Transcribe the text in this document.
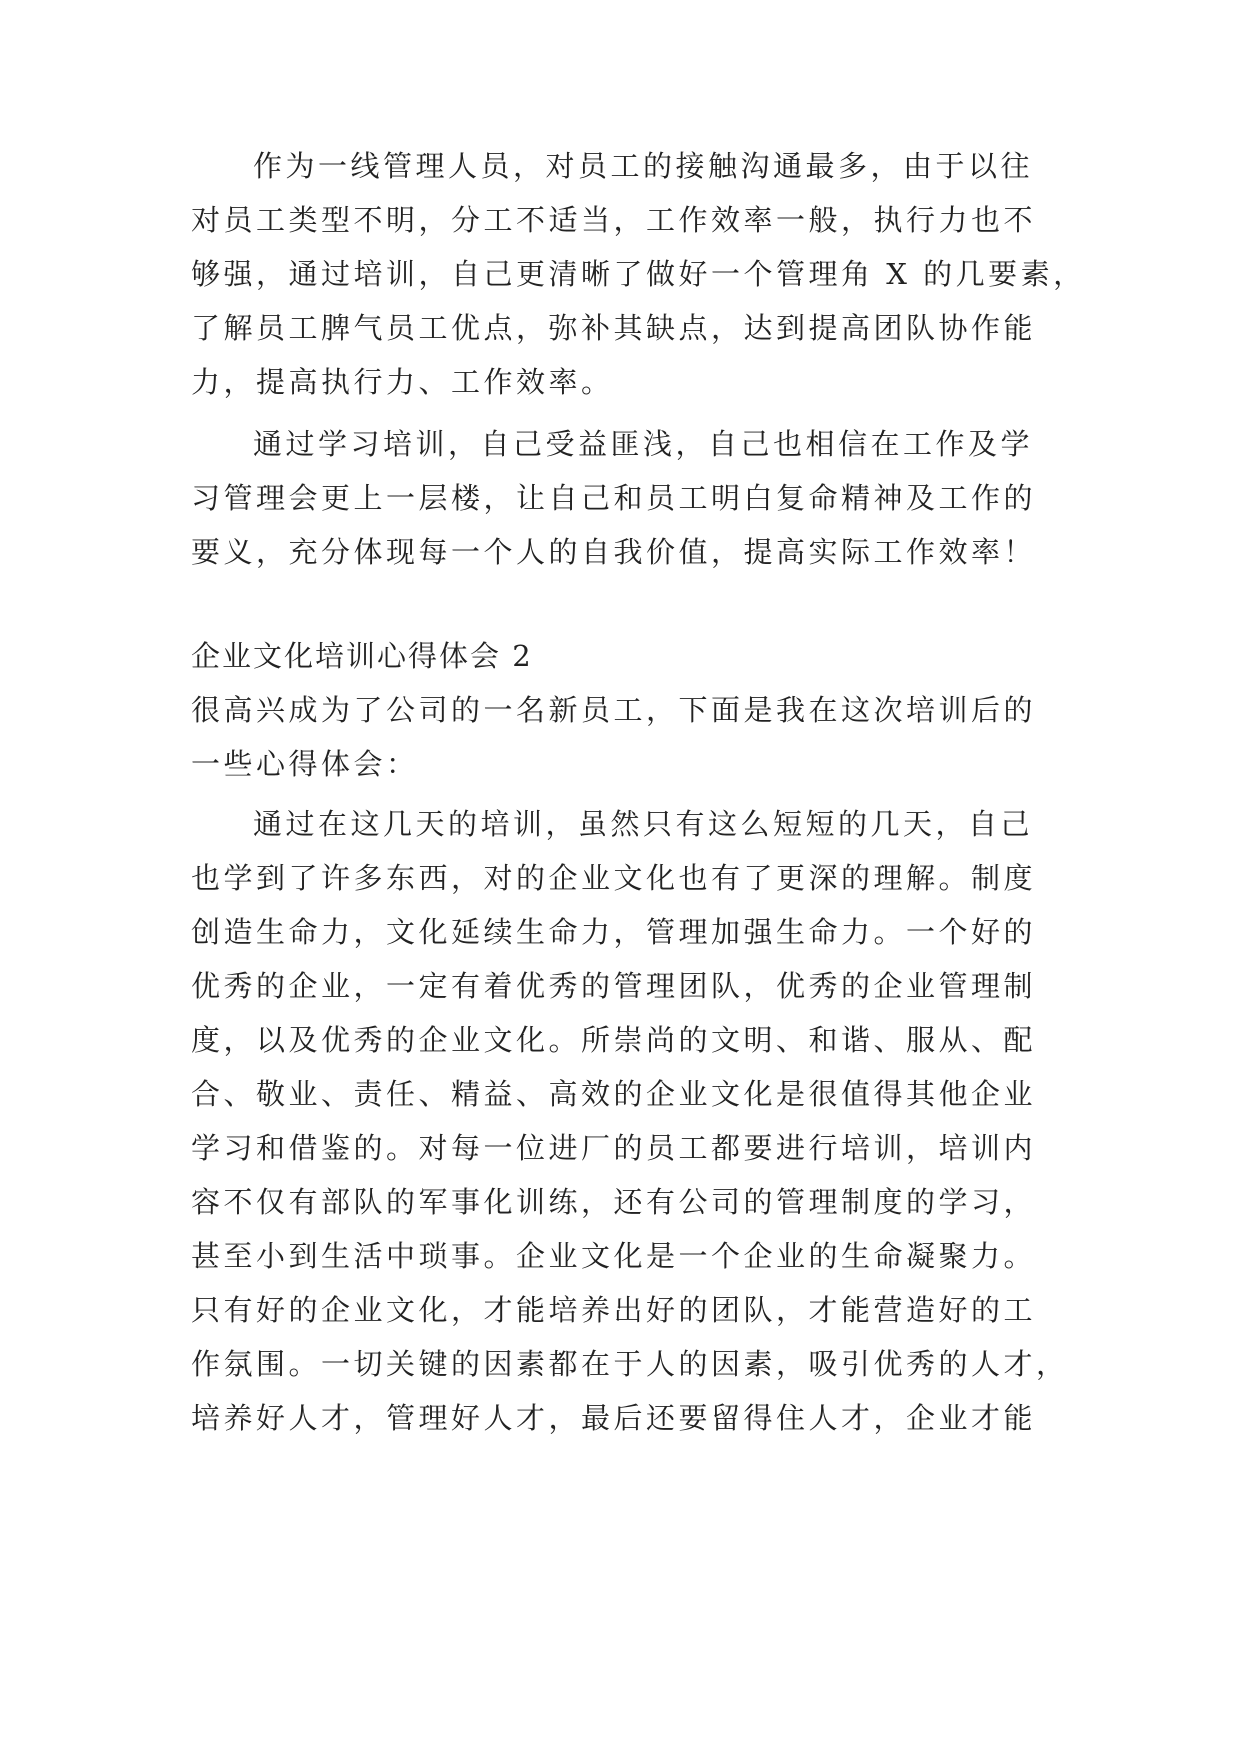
作为一线管理人员，对员工的接触沟通最多，由于以往
对员工类型不明，分工不适当，工作效率一般，执行力也不
够强，通过培训，自己更清晰了做好一个管理角 X 的几要素，
了解员工脾气员工优点，弥补其缺点，达到提高团队协作能
力，提高执行力、工作效率。
通过学习培训，自己受益匪浅，自己也相信在工作及学
习管理会更上一层楼，让自己和员工明白复命精神及工作的
要义，充分体现每一个人的自我价值，提高实际工作效率！
企业文化培训心得体会 2
很高兴成为了公司的一名新员工，下面是我在这次培训后的
一些心得体会：
通过在这几天的培训，虽然只有这么短短的几天，自己
也学到了许多东西，对的企业文化也有了更深的理解。制度
创造生命力，文化延续生命力，管理加强生命力。一个好的
优秀的企业，一定有着优秀的管理团队，优秀的企业管理制
度，以及优秀的企业文化。所崇尚的文明、和谐、服从、配
合、敬业、责任、精益、高效的企业文化是很值得其他企业
学习和借鉴的。对每一位进厂的员工都要进行培训，培训内
容不仅有部队的军事化训练，还有公司的管理制度的学习，
甚至小到生活中琐事。企业文化是一个企业的生命凝聚力。
只有好的企业文化，才能培养出好的团队，才能营造好的工
作氛围。一切关键的因素都在于人的因素，吸引优秀的人才，
培养好人才，管理好人才，最后还要留得住人才，企业才能
